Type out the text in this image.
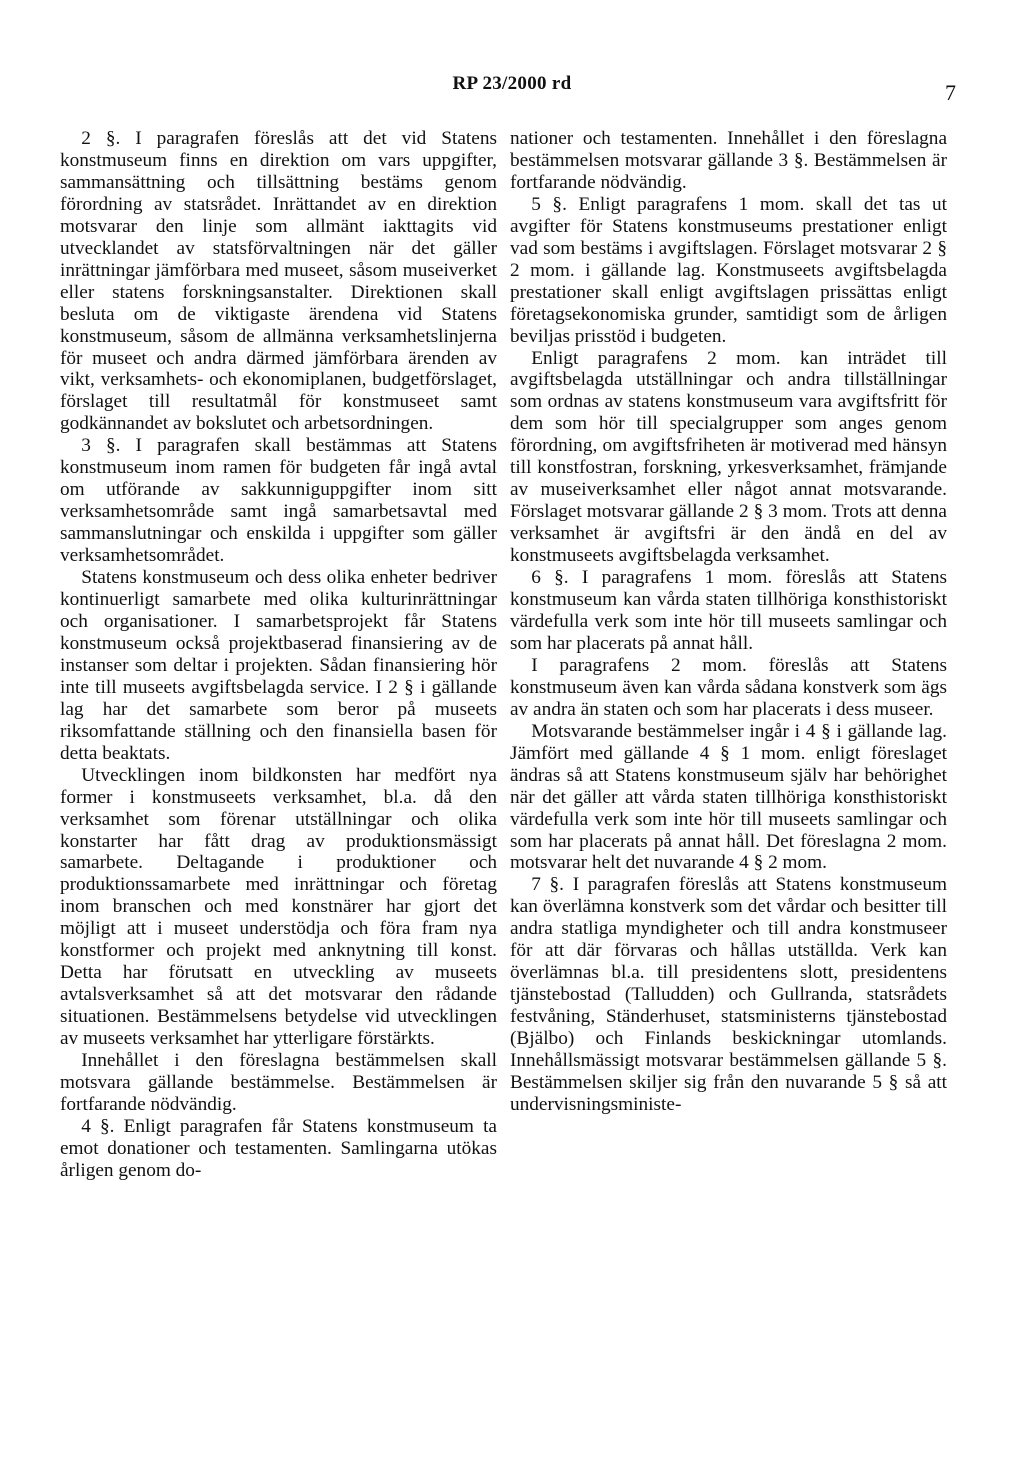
RP 23/2000 rd	7

2 §. I paragrafen föreslås att det vid Statens konstmuseum finns en direktion om vars uppgifter, sammansättning och tillsättning bestäms genom förordning av statsrådet. Inrättandet av en direktion motsvarar den linje som allmänt iakttagits vid utvecklandet av statsförvaltningen när det gäller inrättningar jämförbara med museet, såsom museiverket eller statens forskningsanstalter. Direktionen skall besluta om de viktigaste ärendena vid Statens konstmuseum, såsom de allmänna verksamhetslinjerna för museet och andra därmed jämförbara ärenden av vikt, verksamhets- och ekonomiplanen, budgetförslaget, förslaget till resultatmål för konstmuseet samt godkännandet av bokslutet och arbetsordningen.

3 §. I paragrafen skall bestämmas att Statens konstmuseum inom ramen för budgeten får ingå avtal om utförande av sakkunniguppgifter inom sitt verksamhetsområde samt ingå samarbetsavtal med sammanslutningar och enskilda i uppgifter som gäller verksamhetsområdet.

Statens konstmuseum och dess olika enheter bedriver kontinuerligt samarbete med olika kulturinrättningar och organisationer. I samarbetsprojekt får Statens konstmuseum också projektbaserad finansiering av de instanser som deltar i projekten. Sådan finansiering hör inte till museets avgiftsbelagda service. I 2 § i gällande lag har det samarbete som beror på museets riksomfattande ställning och den finansiella basen för detta beaktats.

Utvecklingen inom bildkonsten har medfört nya former i konstmuseets verksamhet, bl.a. då den verksamhet som förenar utställningar och olika konstarter har fått drag av produktionsmässigt samarbete. Deltagande i produktioner och produktionssamarbete med inrättningar och företag inom branschen och med konstnärer har gjort det möjligt att i museet understödja och föra fram nya konstformer och projekt med anknytning till konst. Detta har förutsatt en utveckling av museets avtalsverksamhet så att det motsvarar den rådande situationen. Bestämmelsens betydelse vid utvecklingen av museets verksamhet har ytterligare förstärkts.

Innehållet i den föreslagna bestämmelsen skall motsvara gällande bestämmelse. Bestämmelsen är fortfarande nödvändig.

4 §. Enligt paragrafen får Statens konstmuseum ta emot donationer och testamenten. Samlingarna utökas årligen genom do-

nationer och testamenten. Innehållet i den föreslagna bestämmelsen motsvarar gällande 3 §. Bestämmelsen är fortfarande nödvändig.

5 §. Enligt paragrafens 1 mom. skall det tas ut avgifter för Statens konstmuseums prestationer enligt vad som bestäms i avgiftslagen. Förslaget motsvarar 2 § 2 mom. i gällande lag. Konstmuseets avgiftsbelagda prestationer skall enligt avgiftslagen prissättas enligt företagsekonomiska grunder, samtidigt som de årligen beviljas prisstöd i budgeten.

Enligt paragrafens 2 mom. kan inträdet till avgiftsbelagda utställningar och andra tillställningar som ordnas av statens konstmuseum vara avgiftsfritt för dem som hör till specialgrupper som anges genom förordning, om avgiftsfriheten är motiverad med hänsyn till konstfostran, forskning, yrkesverksamhet, främjande av museiverksamhet eller något annat motsvarande. Förslaget motsvarar gällande 2 § 3 mom. Trots att denna verksamhet är avgiftsfri är den ändå en del av konstmuseets avgiftsbelagda verksamhet.

6 §. I paragrafens 1 mom. föreslås att Statens konstmuseum kan vårda staten tillhöriga konsthistoriskt värdefulla verk som inte hör till museets samlingar och som har placerats på annat håll.

I paragrafens 2 mom. föreslås att Statens konstmuseum även kan vårda sådana konstverk som ägs av andra än staten och som har placerats i dess museer.

Motsvarande bestämmelser ingår i 4 § i gällande lag. Jämfört med gällande 4 § 1 mom. enligt föreslaget ändras så att Statens konstmuseum själv har behörighet när det gäller att vårda staten tillhöriga konsthistoriskt värdefulla verk som inte hör till museets samlingar och som har placerats på annat håll. Det föreslagna 2 mom. motsvarar helt det nuvarande 4 § 2 mom.

7 §. I paragrafen föreslås att Statens konstmuseum kan överlämna konstverk som det vårdar och besitter till andra statliga myndigheter och till andra konstmuseer för att där förvaras och hållas utställda. Verk kan överlämnas bl.a. till presidentens slott, presidentens tjänstebostad (Talludden) och Gullranda, statsrådets festvåning, Ständerhuset, statsministerns tjänstebostad (Bjälbo) och Finlands beskickningar utomlands. Innehållsmässigt motsvarar bestämmelsen gällande 5 §. Bestämmelsen skiljer sig från den nuvarande 5 § så att undervisningsministe-
